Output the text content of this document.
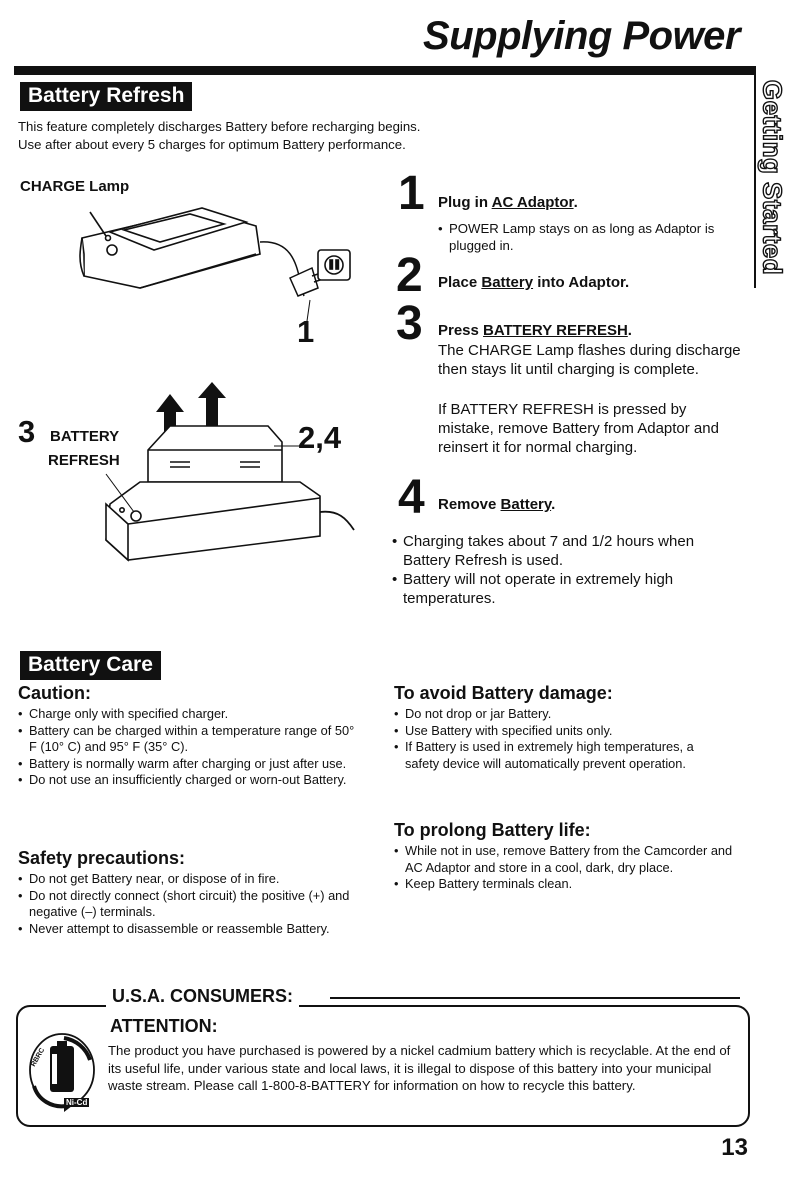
Supplying Power
Getting Started
Battery Refresh

This feature completely discharges Battery before recharging begins.

Use after about every 5 charges for optimum Battery performance.

CHARGE Lamp
1
3 BATTERY
REFRESH
2,4
1 Plug in AC Adaptor.
• POWER Lamp stays on as long as Adaptor is plugged in.
2 Place Battery into Adaptor.
3 Press BATTERY REFRESH.
The CHARGE Lamp flashes during discharge then stays lit until charging is complete.
If BATTERY REFRESH is pressed by mistake, remove Battery from Adaptor and reinsert it for normal charging.
4 Remove Battery.
• Charging takes about 7 and 1/2 hours when Battery Refresh is used.
• Battery will not operate in extremely high temperatures.
Battery Care
Caution:
• Charge only with specified charger.
• Battery can be charged within a temperature range of 50° F (10° C) and 95° F (35° C).
• Battery is normally warm after charging or just after use.
• Do not use an insufficiently charged or worn-out Battery.
Safety precautions:
• Do not get Battery near, or dispose of in fire.
• Do not directly connect (short circuit) the positive (+) and negative (–) terminals.
• Never attempt to disassemble or reassemble Battery.
To avoid Battery damage:
• Do not drop or jar Battery.
• Use Battery with specified units only.
• If Battery is used in extremely high temperatures, a safety device will automatically prevent operation.
To prolong Battery life:
• While not in use, remove Battery from the Camcorder and AC Adaptor and store in a cool, dark, dry place.
• Keep Battery terminals clean.
U.S.A. CONSUMERS:
ATTENTION:
The product you have purchased is powered by a nickel cadmium battery which is recyclable. At the end of its useful life, under various state and local laws, it is illegal to dispose of this battery into your municipal waste stream. Please call 1-800-8-BATTERY for information on how to recycle this battery.
Ni-Cd
RBRC
13
